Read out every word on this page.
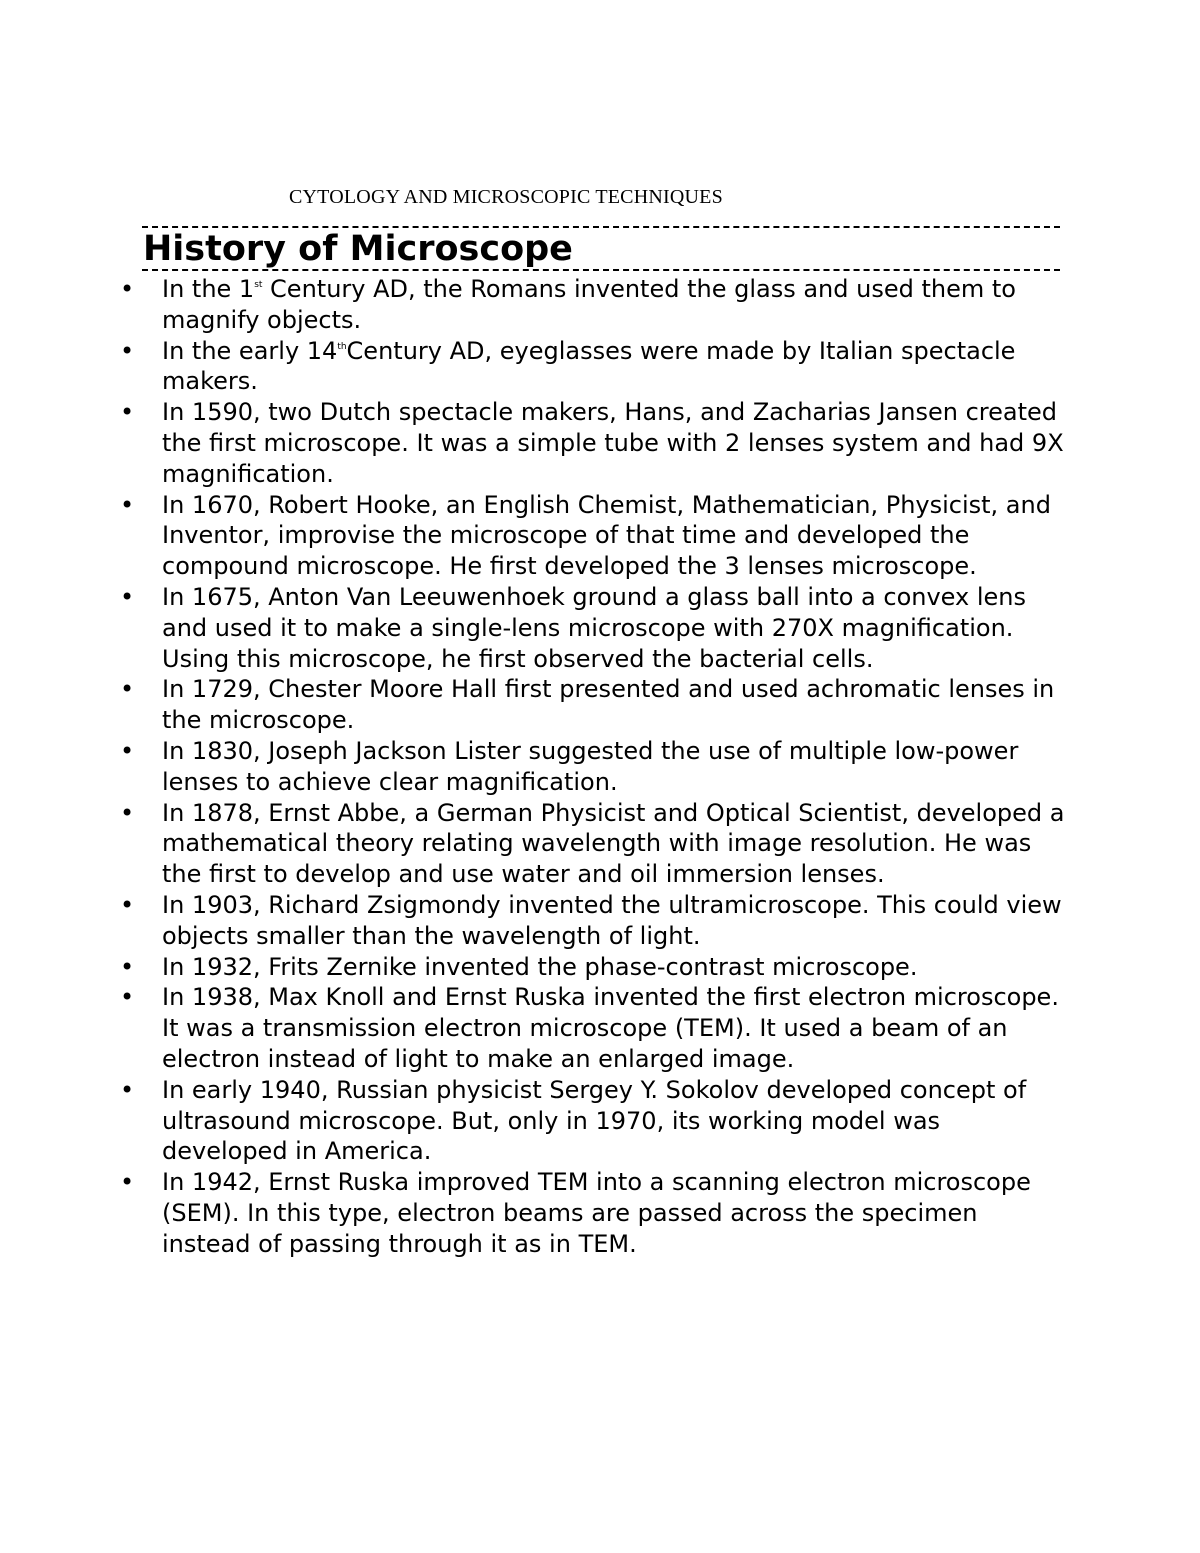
CYTOLOGY AND MICROSCOPIC TECHNIQUES
History of Microscope
• In the 1st Century AD, the Romans invented the glass and used them to magnify objects.
• In the early 14thCentury AD, eyeglasses were made by Italian spectacle makers.
• In 1590, two Dutch spectacle makers, Hans, and Zacharias Jansen created the first microscope. It was a simple tube with 2 lenses system and had 9X magnification.
• In 1670, Robert Hooke, an English Chemist, Mathematician, Physicist, and Inventor, improvise the microscope of that time and developed the compound microscope. He first developed the 3 lenses microscope.
• In 1675, Anton Van Leeuwenhoek ground a glass ball into a convex lens and used it to make a single-lens microscope with 270X magnification. Using this microscope, he first observed the bacterial cells.
• In 1729, Chester Moore Hall first presented and used achromatic lenses in the microscope.
• In 1830, Joseph Jackson Lister suggested the use of multiple low-power lenses to achieve clear magnification.
• In 1878, Ernst Abbe, a German Physicist and Optical Scientist, developed a mathematical theory relating wavelength with image resolution. He was the first to develop and use water and oil immersion lenses.
• In 1903, Richard Zsigmondy invented the ultramicroscope. This could view objects smaller than the wavelength of light.
• In 1932, Frits Zernike invented the phase-contrast microscope.
• In 1938, Max Knoll and Ernst Ruska invented the first electron microscope. It was a transmission electron microscope (TEM). It used a beam of an electron instead of light to make an enlarged image.
• In early 1940, Russian physicist Sergey Y. Sokolov developed concept of ultrasound microscope. But, only in 1970, its working model was developed in America.
• In 1942, Ernst Ruska improved TEM into a scanning electron microscope (SEM). In this type, electron beams are passed across the specimen instead of passing through it as in TEM.
